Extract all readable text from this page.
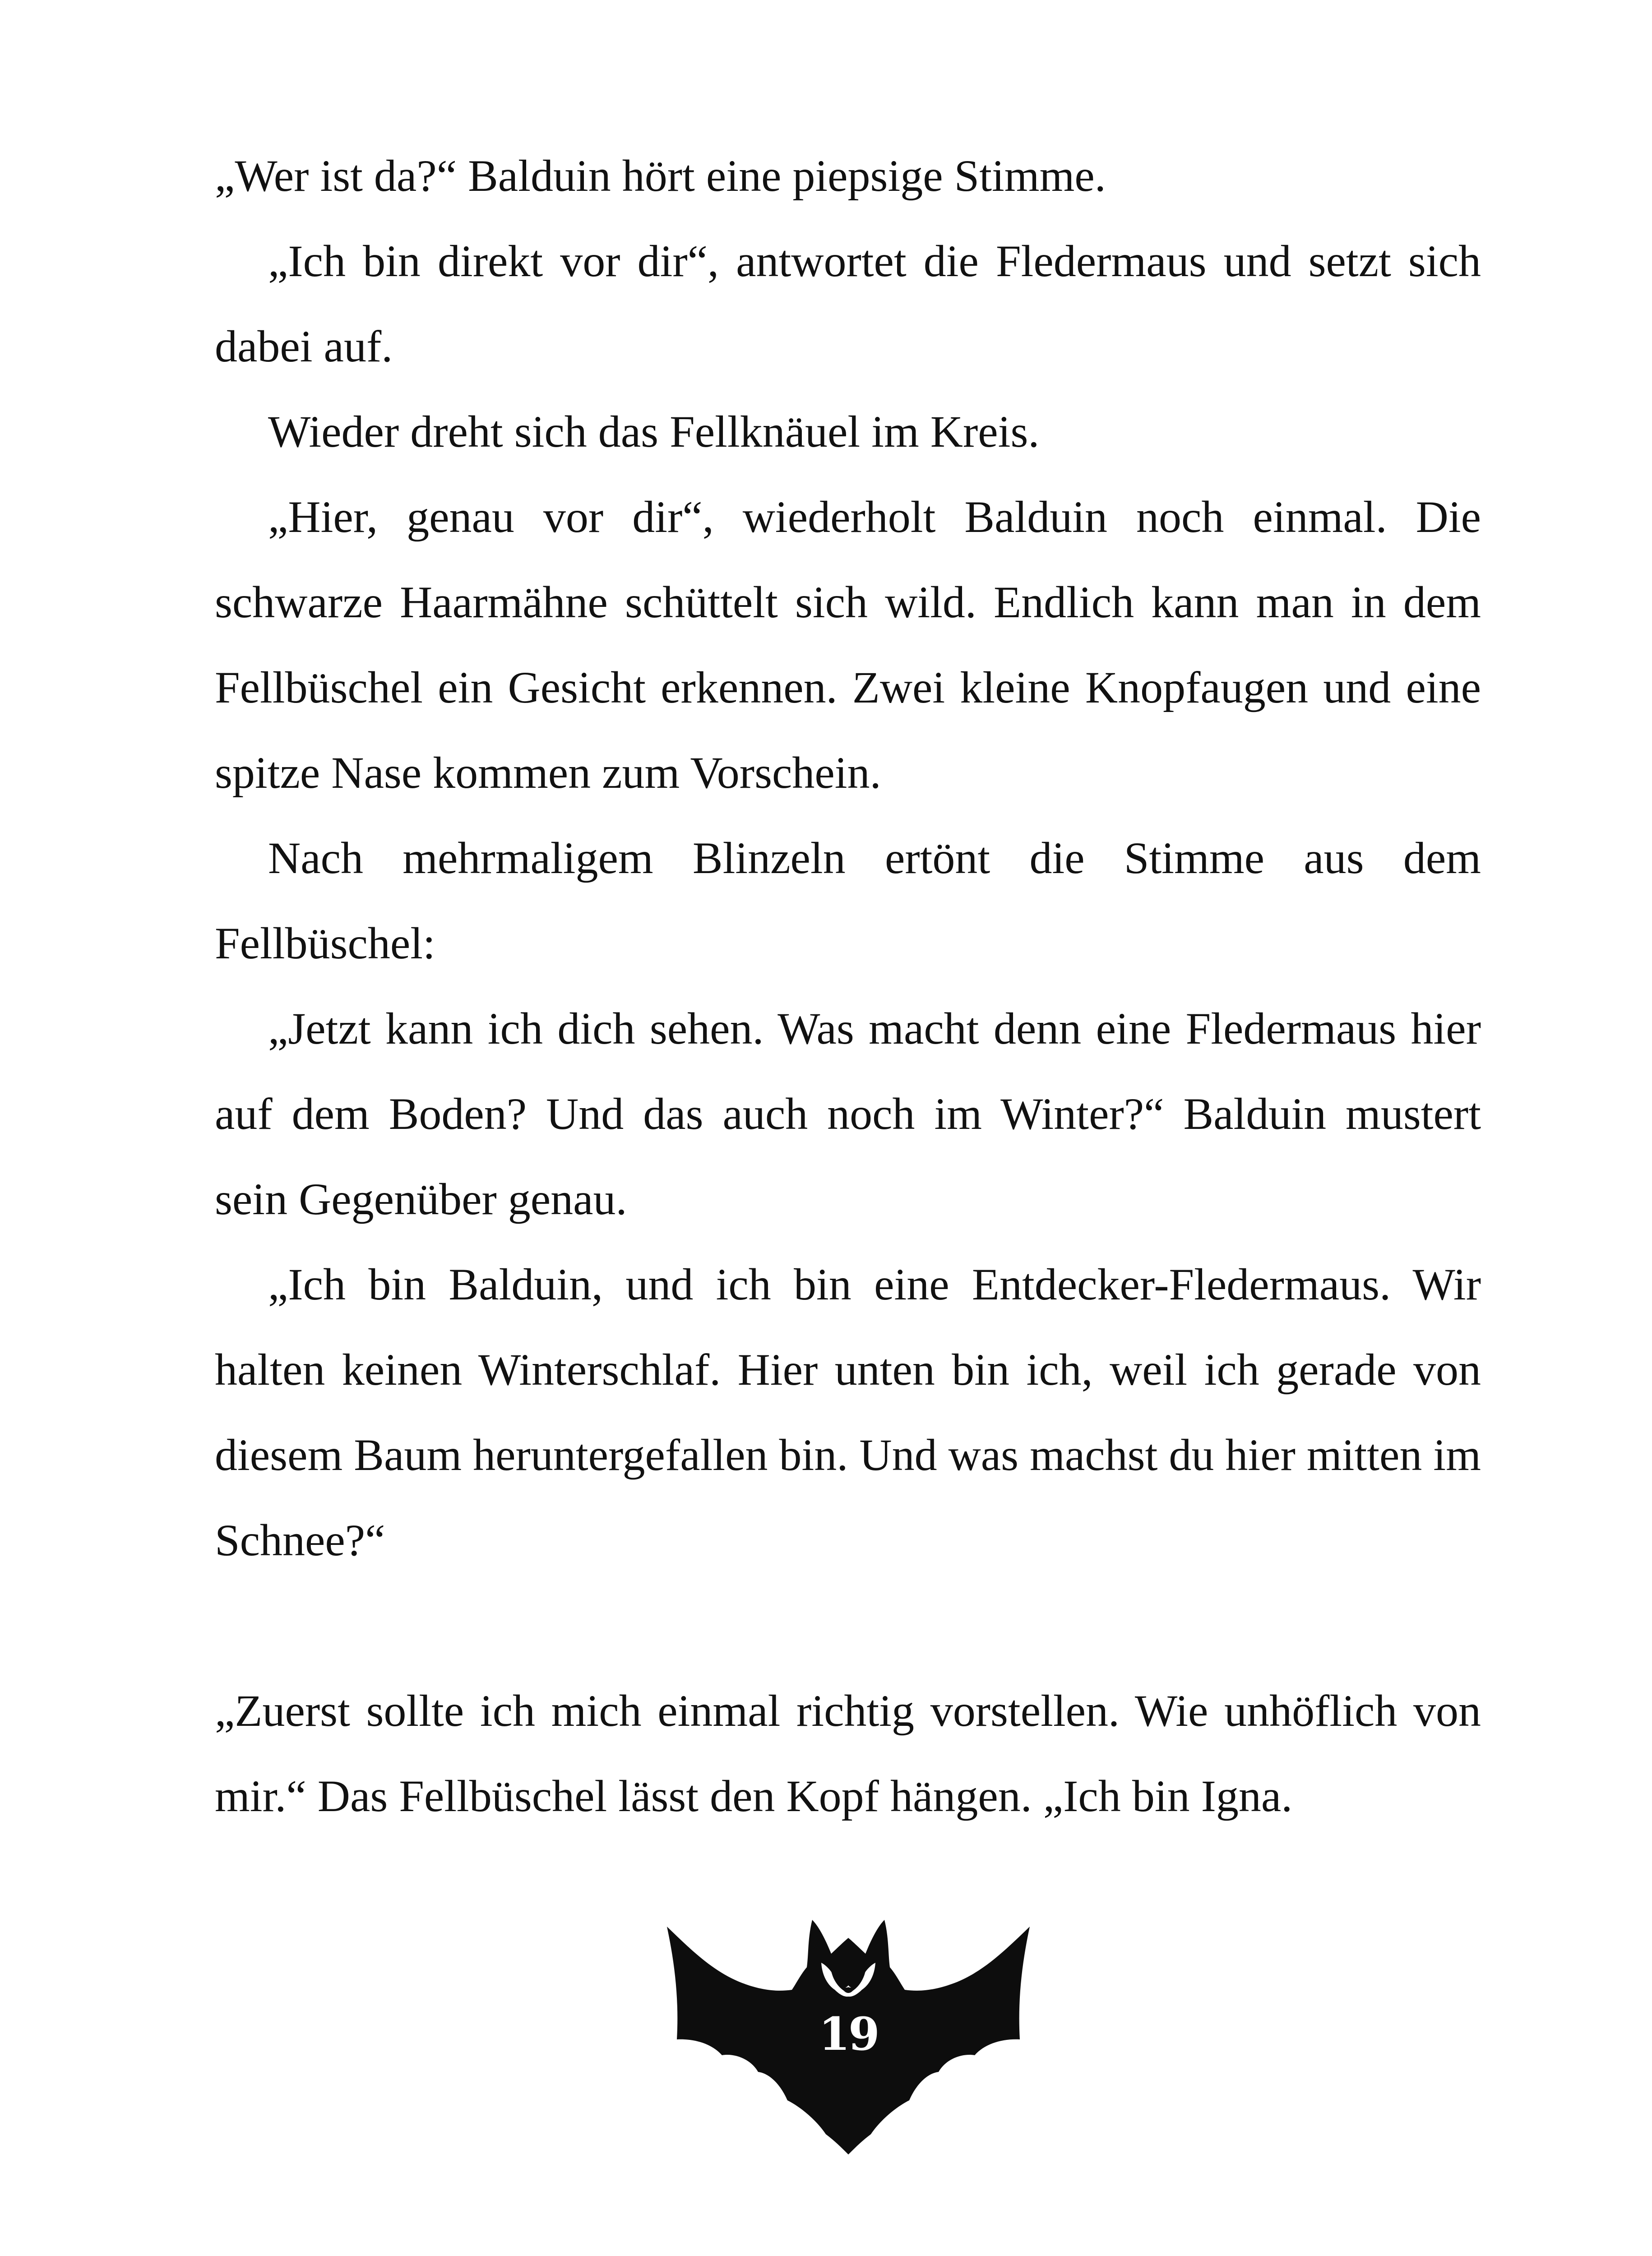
„Wer ist da?“ Balduin hört eine piepsige Stimme.

„Ich bin direkt vor dir“, antwortet die Fledermaus und setzt sich dabei auf.

Wieder dreht sich das Fellknäuel im Kreis.

„Hier, genau vor dir“, wiederholt Balduin noch einmal. Die schwarze Haarmähne schüttelt sich wild. Endlich kann man in dem Fellbüschel ein Gesicht erkennen. Zwei kleine Knopfaugen und eine spitze Nase kommen zum Vorschein.

Nach mehrmaligem Blinzeln ertönt die Stimme aus dem Fellbüschel:

„Jetzt kann ich dich sehen. Was macht denn eine Fledermaus hier auf dem Boden? Und das auch noch im Winter?“ Balduin mustert sein Gegenüber genau.

„Ich bin Balduin, und ich bin eine Entdecker-Fledermaus. Wir halten keinen Winterschlaf. Hier unten bin ich, weil ich gerade von diesem Baum heruntergefallen bin. Und was machst du hier mitten im Schnee?“

„Zuerst sollte ich mich einmal richtig vorstellen. Wie unhöflich von mir.“ Das Fellbüschel lässt den Kopf hängen. „Ich bin Igna.

19
